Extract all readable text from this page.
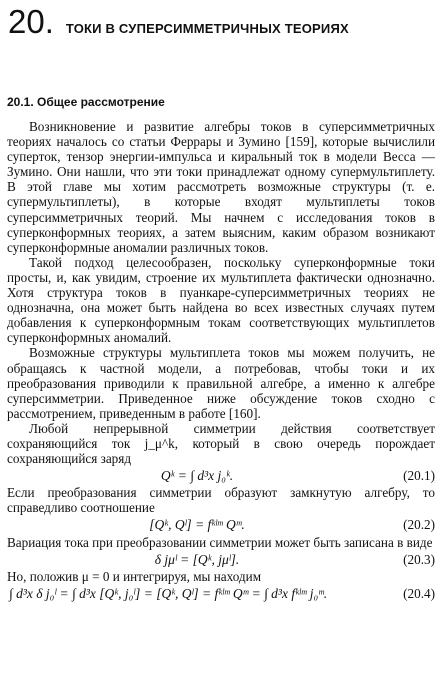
20. ТОКИ В СУПЕРСИММЕТРИЧНЫХ ТЕОРИЯХ
20.1. Общее рассмотрение

Возникновение и развитие алгебры токов в суперсимметричных теориях началось со статьи Феррары и Зумино [159], которые вычислили суперток, тензор энергии-импульса и киральный ток в модели Весса — Зумино. Они нашли, что эти токи принадлежат одному супермультиплету. В этой главе мы хотим рассмотреть возможные структуры (т. е. супермультиплеты), в которые входят мультиплеты токов суперсимметричных теорий. Мы начнем с исследования токов в суперконформных теориях, а затем выясним, каким образом возникают суперконформные аномалии различных токов.

Такой подход целесообразен, поскольку суперконформные токи просты, и, как увидим, строение их мультиплета фактически однозначно. Хотя структура токов в пуанкаре-суперсимметричных теориях не однозначна, она может быть найдена во всех известных случаях путем добавления к суперконформным токам соответствующих мультиплетов суперконформных аномалий.

Возможные структуры мультиплета токов мы можем получить, не обращаясь к частной модели, а потребовав, чтобы токи и их преобразования приводили к правильной алгебре, а именно к алгебре суперсимметрии. Приведенное ниже обсуждение токов сходно с рассмотрением, приведенным в работе [160].

Любой непрерывной симметрии действия соответствует сохраняющийся ток j_μ^k, который в свою очередь порождает сохраняющийся заряд

Qᵏ = ∫ d³x j₀ᵏ.	(20.1)

Если преобразования симметрии образуют замкнутую алгебру, то справедливо соотношение

[Qᵏ, Qˡ] = fᵏˡᵐ Qᵐ.	(20.2)

Вариация тока при преобразовании симметрии может быть записана в виде

δ jμˡ = [Qᵏ, jμˡ].	(20.3)

Но, положив μ = 0 и интегрируя, мы находим

∫ d³x δ j₀ˡ = ∫ d³x [Qᵏ, j₀ˡ] = [Qᵏ, Qˡ] = fᵏˡᵐ Qᵐ = ∫ d³x fᵏˡᵐ j₀ᵐ.	(20.4)
